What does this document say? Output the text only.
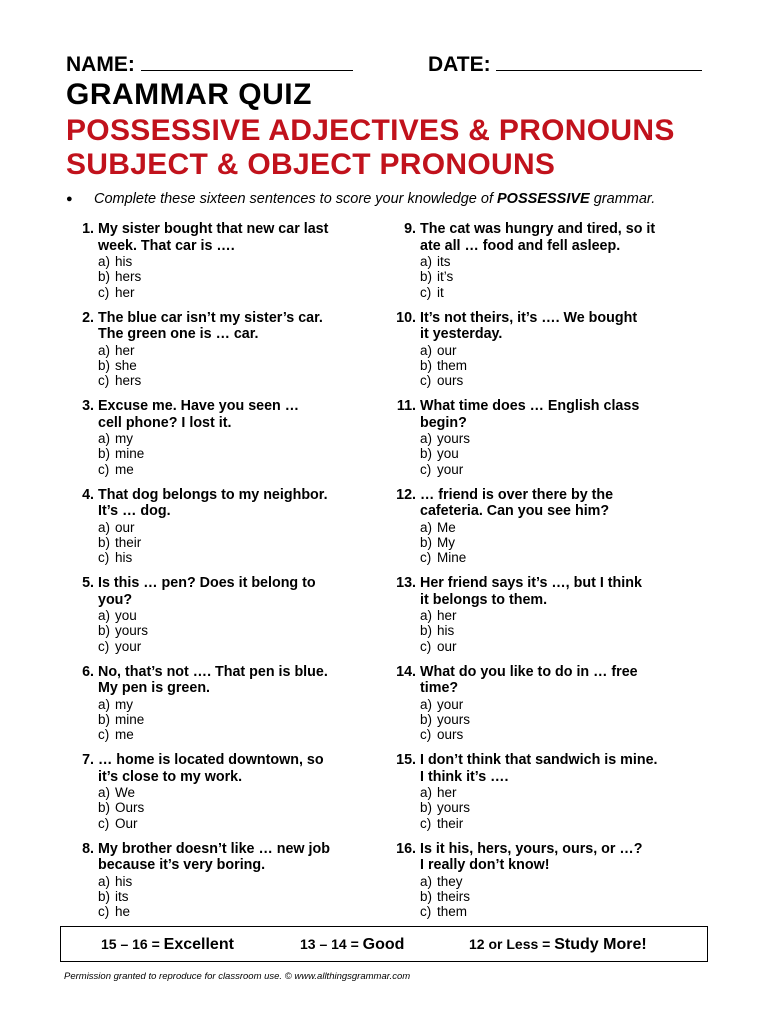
NAME:	DATE:
GRAMMAR QUIZ
POSSESSIVE ADJECTIVES & PRONOUNS
SUBJECT & OBJECT PRONOUNS
● Complete these sixteen sentences to score your knowledge of POSSESSIVE grammar.
1. My sister bought that new car last
week. That car is ….
a) his
b) hers
c) her
2. The blue car isn’t my sister’s car.
The green one is … car.
a) her
b) she
c) hers
3. Excuse me. Have you seen …
cell phone? I lost it.
a) my
b) mine
c) me
4. That dog belongs to my neighbor.
It’s … dog.
a) our
b) their
c) his
5. Is this … pen? Does it belong to
you?
a) you
b) yours
c) your
6. No, that’s not …. That pen is blue.
My pen is green.
a) my
b) mine
c) me
7. … home is located downtown, so
it’s close to my work.
a) We
b) Ours
c) Our
8. My brother doesn’t like … new job
because it’s very boring.
a) his
b) its
c) he
9. The cat was hungry and tired, so it
ate all … food and fell asleep.
a) its
b) it’s
c) it
10. It’s not theirs, it’s …. We bought
it yesterday.
a) our
b) them
c) ours
11. What time does … English class
begin?
a) yours
b) you
c) your
12. … friend is over there by the
cafeteria. Can you see him?
a) Me
b) My
c) Mine
13. Her friend says it’s …, but I think
it belongs to them.
a) her
b) his
c) our
14. What do you like to do in … free
time?
a) your
b) yours
c) ours
15. I don’t think that sandwich is mine.
I think it’s ….
a) her
b) yours
c) their
16. Is it his, hers, yours, ours, or …?
I really don’t know!
a) they
b) theirs
c) them
15 – 16 = Excellent	13 – 14 = Good	12 or Less = Study More!
Permission granted to reproduce for classroom use. © www.allthingsgrammar.com
